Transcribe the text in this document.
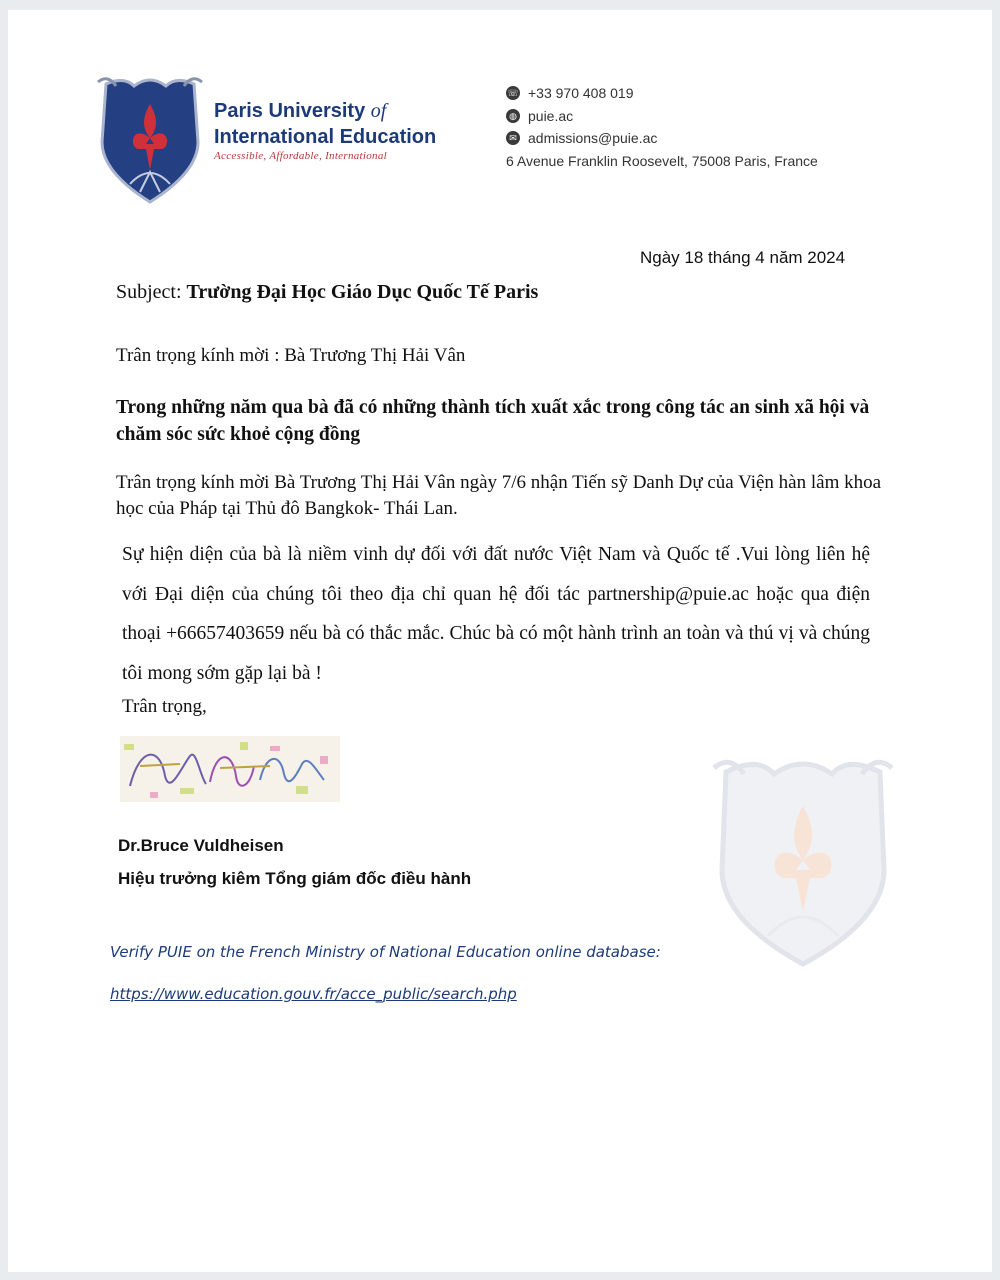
Paris University of
International Education
Accessible, Affordable, International
☏ +33 970 408 019
◍ puie.ac
✉ admissions@puie.ac
6 Avenue Franklin Roosevelt, 75008 Paris, France
Ngày 18 tháng 4 năm 2024
Subject: Trường Đại Học Giáo Dục Quốc Tế Paris
Trân trọng kính mời : Bà Trương Thị Hải Vân
Trong những năm qua bà đã có những thành tích xuất xắc trong công tác an sinh xã hội và chăm sóc sức khoẻ cộng đồng
Trân trọng kính mời Bà Trương Thị Hải Vân ngày 7/6 nhận Tiến sỹ Danh Dự của Viện hàn lâm khoa học của Pháp tại Thủ đô Bangkok- Thái Lan.
Sự hiện diện của bà là niềm vinh dự đối với đất nước Việt Nam và Quốc tế .Vui lòng liên hệ với Đại diện của chúng tôi theo địa chỉ quan hệ đối tác partnership@puie.ac hoặc qua điện thoại +66657403659 nếu bà có thắc mắc. Chúc bà có một hành trình an toàn và thú vị và chúng tôi mong sớm gặp lại bà !
Trân trọng,
Dr.Bruce Vuldheisen
Hiệu trưởng kiêm Tổng giám đốc điều hành
Verify PUIE on the French Ministry of National Education online database:
https://www.education.gouv.fr/acce_public/search.php
